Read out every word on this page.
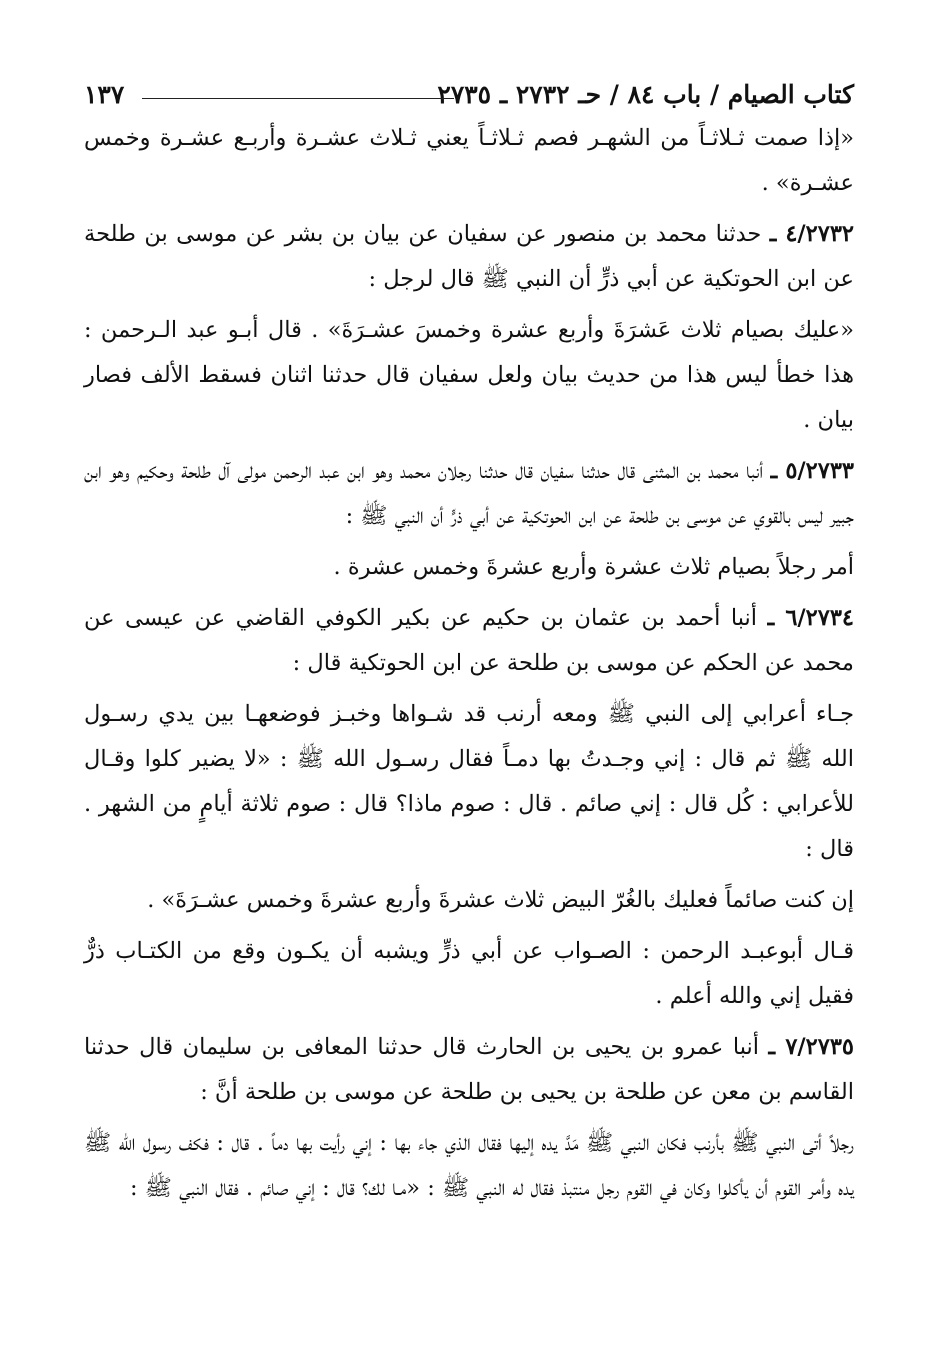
كتاب الصيام / باب ٨٤ / حـ ٢٧٣٢ ـ ٢٧٣٥
١٣٧

«إذا صمت ثـلاثـاً من الشهـر فصم ثـلاثـاً يعني ثـلاث عشـرة وأربـع عشـرة وخمس عشـرة» .

٤/٢٧٣٢ ـ حدثنا محمد بن منصور عن سفيان عن بيان بن بشر عن موسى بن طلحة عن ابن الحوتكية عن أبي ذرٍّ أن النبي ﷺ قال لرجل :

«عليك بصيام ثلاث عَشرَةَ وأربع عشرة وخمسَ عشـرَةَ» . قال أبـو عبد الـرحمن : هذا خطأ ليس هذا من حديث بيان ولعل سفيان قال حدثنا اثنان فسقط الألف فصار بيان .

٥/٢٧٣٣ ـ أنبا محمد بن المثنى قال حدثنا سفيان قال حدثنا رجلان محمد وهو ابن عبد الرحمن مولى آل طلحة وحكيم وهو ابن جبير ليس بالقوي عن موسى بن طلحة عن ابن الحوتكية عن أبي ذرٍّ أن النبي ﷺ :

أمر رجلاً بصيام ثلاث عشرة وأربع عشرةَ وخمس عشرة .

٦/٢٧٣٤ ـ أنبا أحمد بن عثمان بن حكيم عن بكير الكوفي القاضي عن عيسى عن محمد عن الحكم عن موسى بن طلحة عن ابن الحوتكية قال :

جـاء أعرابي إلى النبي ﷺ ومعه أرنب قد شـواها وخبـز فوضعهـا بين يدي رسـول الله ﷺ ثم قال : إني وجـدتُ بها دمـاً فقال رسـول الله ﷺ : «لا يضير كلوا وقـال للأعرابي : كُل قال : إني صائم . قال : صوم ماذا؟ قال : صوم ثلاثة أيامٍ من الشهر . قال :

إن كنت صائماً فعليك بالغُرّ البيض ثلاث عشرةَ وأربع عشرةَ وخمس عشـرَةَ» .

قـال أبوعبـد الرحمن : الصـواب عن أبي ذرٍّ ويشبه أن يكـون وقع من الكتـاب ذرٌّ فقيل إني والله أعلم .

٧/٢٧٣٥ ـ أنبا عمرو بن يحيى بن الحارث قال حدثنا المعافى بن سليمان قال حدثنا القاسم بن معن عن طلحة بن يحيى بن طلحة عن موسى بن طلحة أنَّ :

رجلاً أتى النبي ﷺ بأرنب فكان النبي ﷺ مَدَّ يده إليها فقال الذي جاء بها : إني رأيت بها دماً . قال : فكف رسول الله ﷺ يده وأمر القوم أن يأكلوا وكان في القوم رجل منتبذ فقال له النبي ﷺ : «مـا لك؟ قال : إني صائم . فقال النبي ﷺ :
